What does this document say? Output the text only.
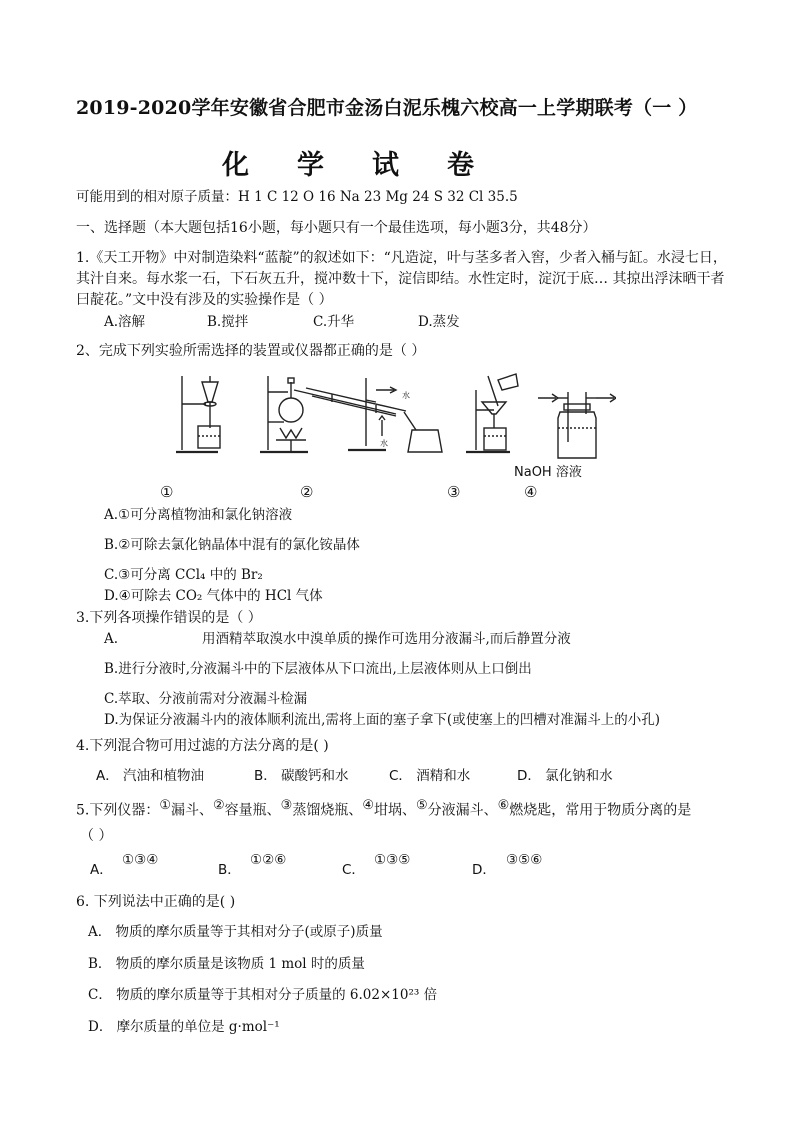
2019-2020学年安徽省合肥市金汤白泥乐槐六校高一上学期联考（一 ）
化学试卷
可能用到的相对原子质量：H 1 C 12 O 16 Na 23 Mg 24 S 32 Cl 35.5
一、选择题（本大题包括16小题，每小题只有一个最佳选项，每小题3分，共48分）
1.《天工开物》中对制造染料“蓝靛”的叙述如下：“凡造淀，叶与茎多者入窖，少者入桶与缸。水浸七日，
其汁自来。每水浆一石，下石灰五升，搅冲数十下，淀信即结。水性定时，淀沉于底… 其掠出浮沫晒干者
曰靛花。”文中没有涉及的实验操作是（ ）
A.溶解	B.搅拌	C.升华	D.蒸发
2、完成下列实验所需选择的装置或仪器都正确的是（ ）
水
水
NaOH 溶液
①	②	③	④
A.①可分离植物油和氯化钠溶液
B.②可除去氯化钠晶体中混有的氯化铵晶体
C.③可分离 CCl₄ 中的 Br₂
D.④可除去 CO₂ 气体中的 HCl 气体
3.下列各项操作错误的是（ ）
A.	用酒精萃取溴水中溴单质的操作可选用分液漏斗,而后静置分液
B.进行分液时,分液漏斗中的下层液体从下口流出,上层液体则从上口倒出
C.萃取、分液前需对分液漏斗检漏
D.为保证分液漏斗内的液体顺利流出,需将上面的塞子拿下(或使塞上的凹槽对准漏斗上的小孔)
4.下列混合物可用过滤的方法分离的是( )
A． 汽油和植物油	B． 碳酸钙和水	C． 酒精和水	D． 氯化钠和水
5.下列仪器：①漏斗、②容量瓶、③蒸馏烧瓶、④坩埚、⑤分液漏斗、⑥燃烧匙，常用于物质分离的是
（ ）
A．
①③④
B．
①②⑥
C．
①③⑤
D．
③⑤⑥
6. 下列说法中正确的是( )
A． 物质的摩尔质量等于其相对分子(或原子)质量
B． 物质的摩尔质量是该物质 1 mol 时的质量
C． 物质的摩尔质量等于其相对分子质量的 6.02×10²³ 倍
D． 摩尔质量的单位是 g·mol⁻¹
